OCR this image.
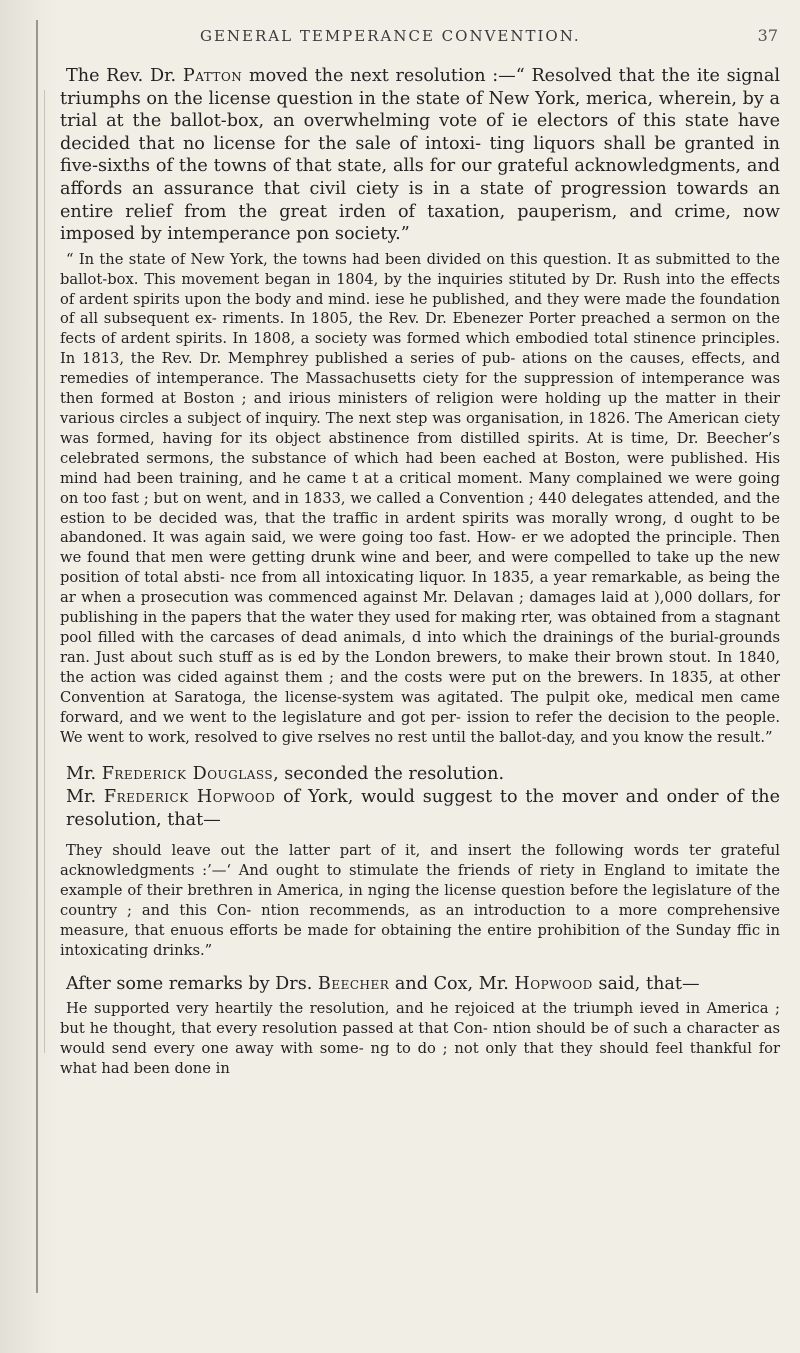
GENERAL TEMPERANCE CONVENTION.	37

The Rev. Dr. Patton moved the next resolution :—“ Resolved that the ite signal triumphs on the license question in the state of New York, merica, wherein, by a trial at the ballot-box, an overwhelming vote of ie electors of this state have decided that no license for the sale of intoxi- ting liquors shall be granted in five-sixths of the towns of that state, alls for our grateful acknowledgments, and affords an assurance that civil ciety is in a state of progression towards an entire relief from the great irden of taxation, pauperism, and crime, now imposed by intemperance pon society.”

“ In the state of New York, the towns had been divided on this question. It as submitted to the ballot-box. This movement began in 1804, by the inquiries stituted by Dr. Rush into the effects of ardent spirits upon the body and mind. iese he published, and they were made the foundation of all subsequent ex- riments. In 1805, the Rev. Dr. Ebenezer Porter preached a sermon on the fects of ardent spirits. In 1808, a society was formed which embodied total stinence principles. In 1813, the Rev. Dr. Memphrey published a series of pub- ations on the causes, effects, and remedies of intemperance. The Massachusetts ciety for the suppression of intemperance was then formed at Boston ; and irious ministers of religion were holding up the matter in their various circles a subject of inquiry. The next step was organisation, in 1826. The American ciety was formed, having for its object abstinence from distilled spirits. At is time, Dr. Beecher’s celebrated sermons, the substance of which had been eached at Boston, were published. His mind had been training, and he came t at a critical moment. Many complained we were going on too fast ; but on went, and in 1833, we called a Convention ; 440 delegates attended, and the estion to be decided was, that the traffic in ardent spirits was morally wrong, d ought to be abandoned. It was again said, we were going too fast. How- er we adopted the principle. Then we found that men were getting drunk wine and beer, and were compelled to take up the new position of total absti- nce from all intoxicating liquor. In 1835, a year remarkable, as being the ar when a prosecution was commenced against Mr. Delavan ; damages laid at ),000 dollars, for publishing in the papers that the water they used for making rter, was obtained from a stagnant pool filled with the carcases of dead animals, d into which the drainings of the burial-grounds ran. Just about such stuff as is ed by the London brewers, to make their brown stout. In 1840, the action was cided against them ; and the costs were put on the brewers. In 1835, at other Convention at Saratoga, the license-system was agitated. The pulpit oke, medical men came forward, and we went to the legislature and got per- ission to refer the decision to the people. We went to work, resolved to give rselves no rest until the ballot-day, and you know the result.”

Mr. Frederick Douglass, seconded the resolution.

Mr. Frederick Hopwood of York, would suggest to the mover and onder of the resolution, that—

They should leave out the latter part of it, and insert the following words ter grateful acknowledgments :’—‘ And ought to stimulate the friends of riety in England to imitate the example of their brethren in America, in nging the license question before the legislature of the country ; and this Con- ntion recommends, as an introduction to a more comprehensive measure, that enuous efforts be made for obtaining the entire prohibition of the Sunday ffic in intoxicating drinks.”

After some remarks by Drs. Beecher and Cox, Mr. Hopwood said, that—

He supported very heartily the resolution, and he rejoiced at the triumph ieved in America ; but he thought, that every resolution passed at that Con- ntion should be of such a character as would send every one away with some- ng to do ; not only that they should feel thankful for what had been done in
